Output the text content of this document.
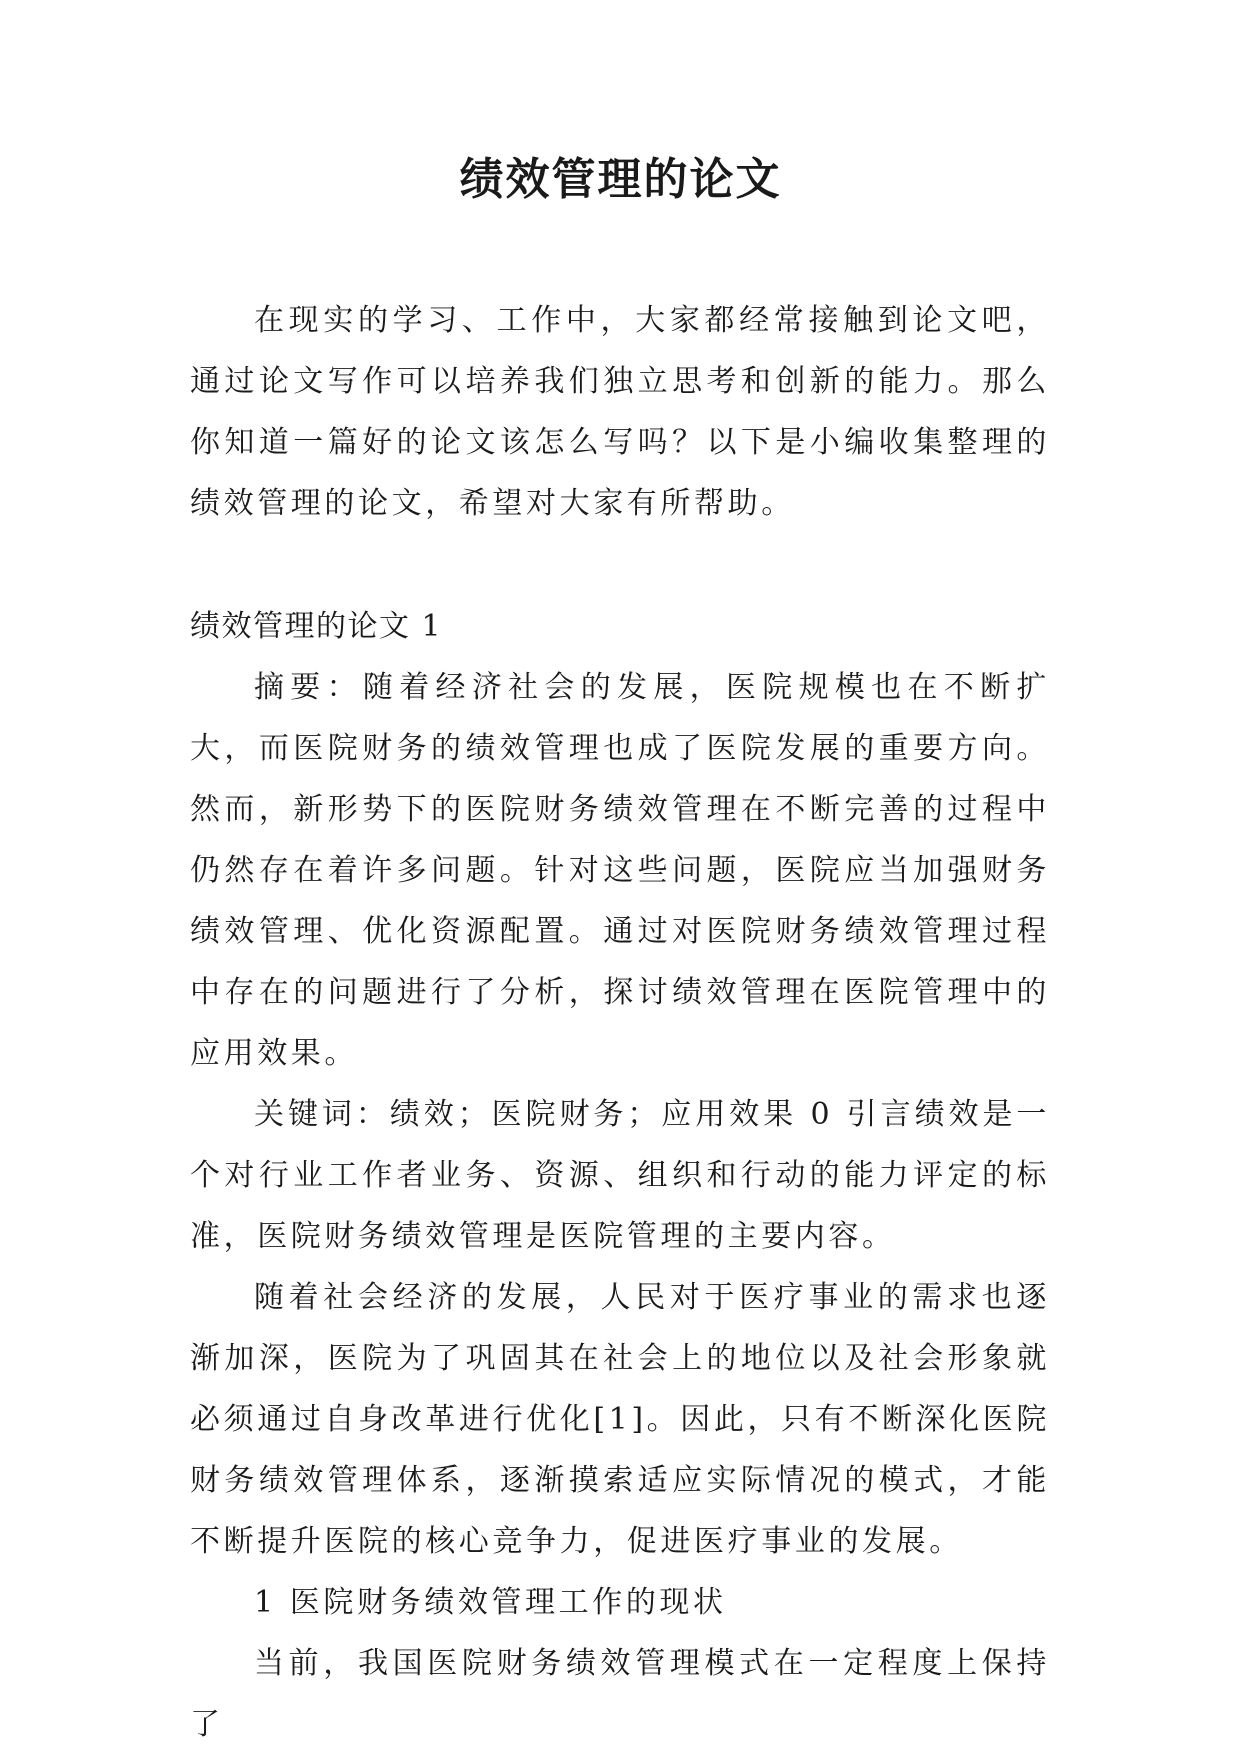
绩效管理的论文

在现实的学习、工作中，大家都经常接触到论文吧，通过论文写作可以培养我们独立思考和创新的能力。那么你知道一篇好的论文该怎么写吗？以下是小编收集整理的绩效管理的论文，希望对大家有所帮助。

绩效管理的论文 1

摘要：随着经济社会的发展，医院规模也在不断扩大，而医院财务的绩效管理也成了医院发展的重要方向。然而，新形势下的医院财务绩效管理在不断完善的过程中仍然存在着许多问题。针对这些问题，医院应当加强财务绩效管理、优化资源配置。通过对医院财务绩效管理过程中存在的问题进行了分析，探讨绩效管理在医院管理中的应用效果。

关键词：绩效；医院财务；应用效果 0 引言绩效是一个对行业工作者业务、资源、组织和行动的能力评定的标准，医院财务绩效管理是医院管理的主要内容。

随着社会经济的发展，人民对于医疗事业的需求也逐渐加深，医院为了巩固其在社会上的地位以及社会形象就必须通过自身改革进行优化[1]。因此，只有不断深化医院财务绩效管理体系，逐渐摸索适应实际情况的模式，才能不断提升医院的核心竞争力，促进医疗事业的发展。

1 医院财务绩效管理工作的现状

当前，我国医院财务绩效管理模式在一定程度上保持了
